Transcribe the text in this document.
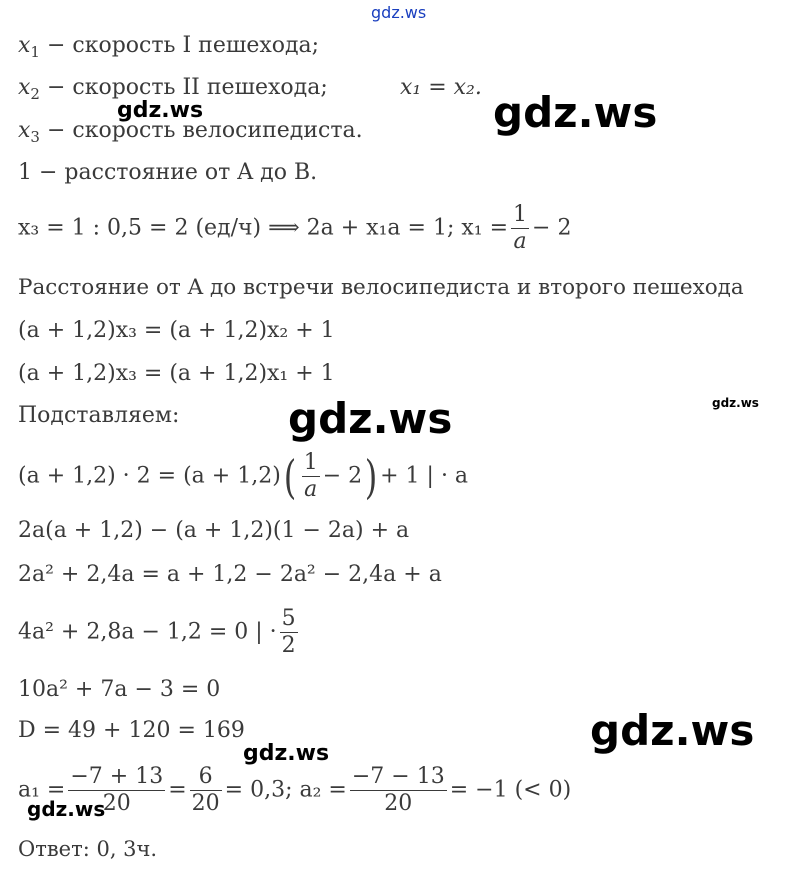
gdz.ws
$x_1$ − скорость I пешехода;
$x_2$ − скорость II пешехода;	x₁ = x₂.
gdz.ws	gdz.ws
$x_3$ − скорость велосипедиста.
1 − расстояние от A до B.
x₃ = 1 : 0,5 = 2 (ед/ч) ⟹ 2a + x₁a = 1; $x_1 = \frac{1}{a} - 2$
Расстояние от A до встречи велосипедиста и второго пешехода
(a + 1,2)x₃ = (a + 1,2)x₂ + 1
(a + 1,2)x₃ = (a + 1,2)x₁ + 1
Подставляем:	gdz.ws	gdz.ws
$(a + 1,2) \cdot 2 = (a + 1,2)( \frac{1}{a} - 2) + 1$ | · a
2a(a + 1,2) − (a + 1,2)(1 − 2a) + a
2a² + 2,4a = a + 1,2 − 2a² − 2,4a + a
4a² + 2,8a − 1,2 = 0 | · $\frac{5}{2}$
10a² + 7a − 3 = 0
D = 49 + 120 = 169	gdz.ws
gdz.ws
$a_1 = \frac{-7 + 13}{20} = \frac{6}{20} = 0,3$; $a_2 = \frac{-7 - 13}{20} = -1$ (< 0)
gdz.ws
Ответ: 0, 3ч.
